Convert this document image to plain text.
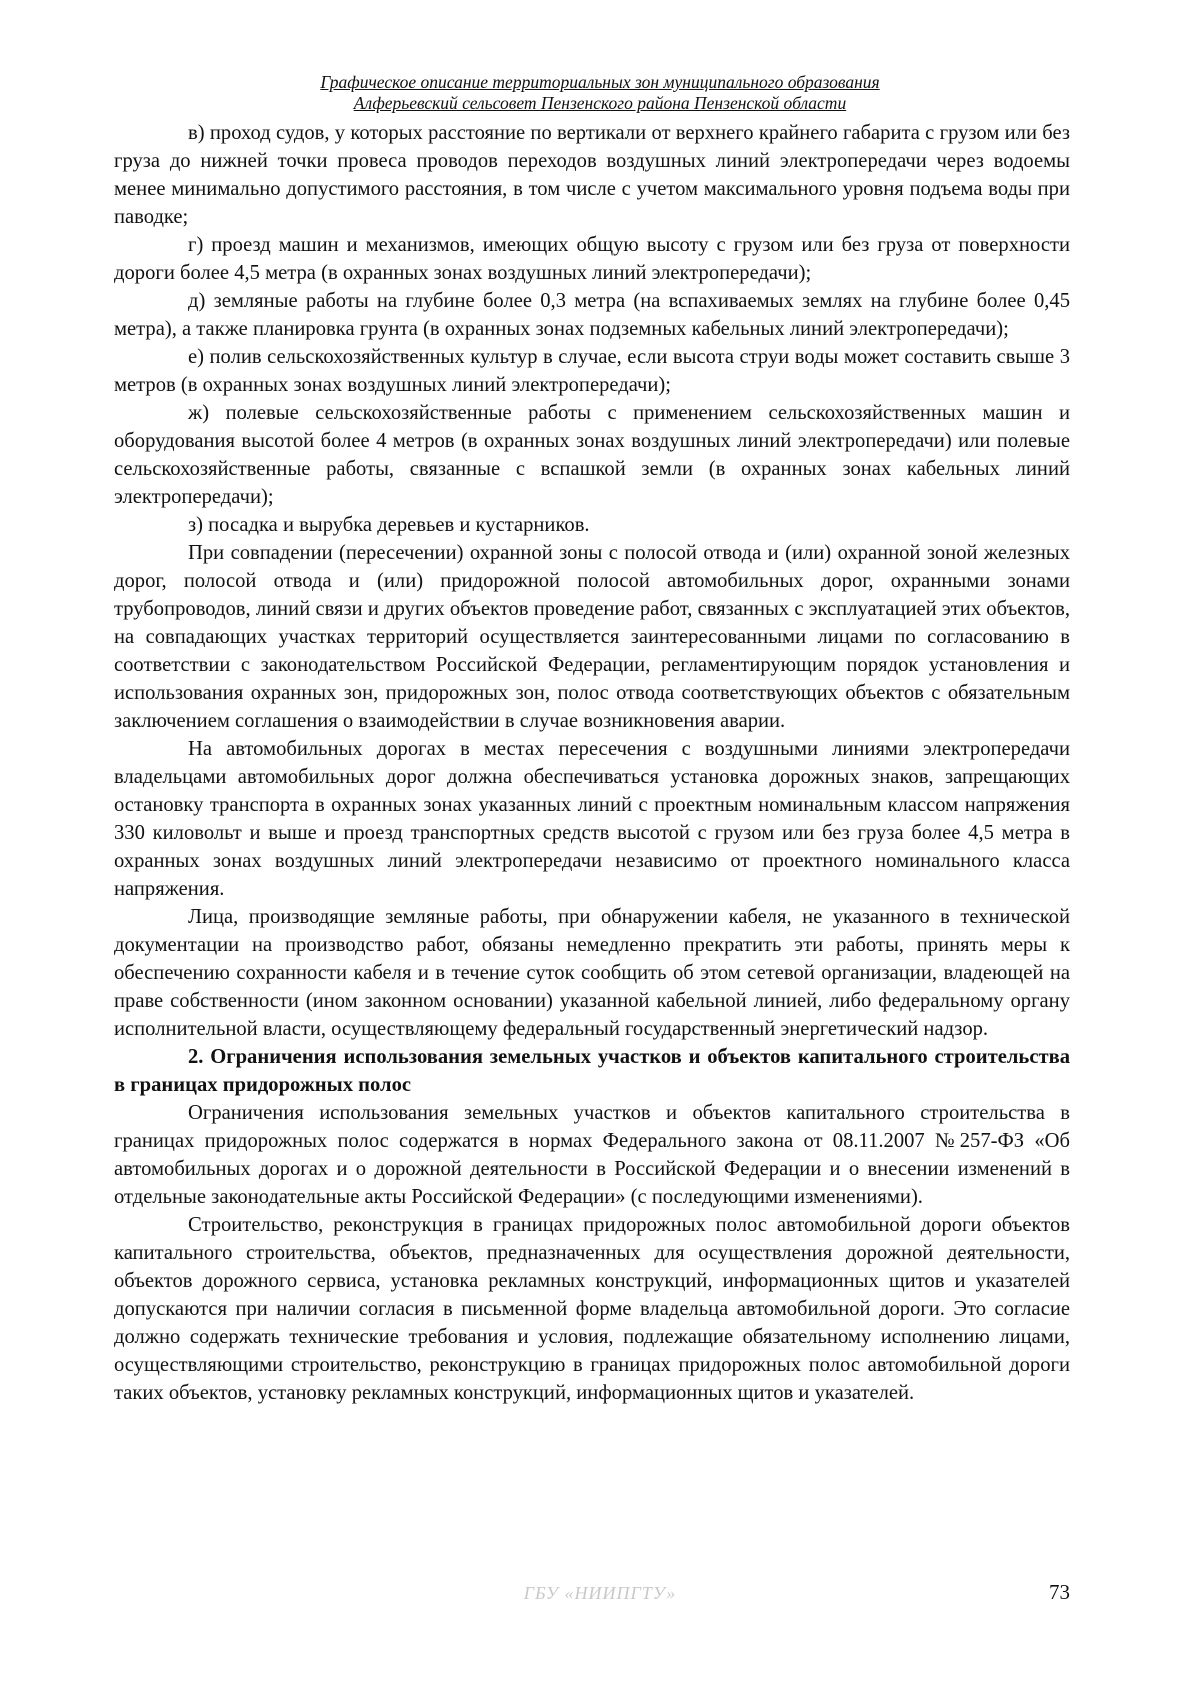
Графическое описание территориальных зон муниципального образования
Алферьевский сельсовет Пензенского района Пензенской области

в) проход судов, у которых расстояние по вертикали от верхнего крайнего габарита с грузом или без груза до нижней точки провеса проводов переходов воздушных линий электропередачи через водоемы менее минимально допустимого расстояния, в том числе с учетом максимального уровня подъема воды при паводке;

г) проезд машин и механизмов, имеющих общую высоту с грузом или без груза от поверхности дороги более 4,5 метра (в охранных зонах воздушных линий электропередачи);

д) земляные работы на глубине более 0,3 метра (на вспахиваемых землях на глубине более 0,45 метра), а также планировка грунта (в охранных зонах подземных кабельных линий электропередачи);

е) полив сельскохозяйственных культур в случае, если высота струи воды может составить свыше 3 метров (в охранных зонах воздушных линий электропередачи);

ж) полевые сельскохозяйственные работы с применением сельскохозяйственных машин и оборудования высотой более 4 метров (в охранных зонах воздушных линий электропередачи) или полевые сельскохозяйственные работы, связанные с вспашкой земли (в охранных зонах кабельных линий электропередачи);

з) посадка и вырубка деревьев и кустарников.

При совпадении (пересечении) охранной зоны с полосой отвода и (или) охранной зоной железных дорог, полосой отвода и (или) придорожной полосой автомобильных дорог, охранными зонами трубопроводов, линий связи и других объектов проведение работ, связанных с эксплуатацией этих объектов, на совпадающих участках территорий осуществляется заинтересованными лицами по согласованию в соответствии с законодательством Российской Федерации, регламентирующим порядок установления и использования охранных зон, придорожных зон, полос отвода соответствующих объектов с обязательным заключением соглашения о взаимодействии в случае возникновения аварии.

На автомобильных дорогах в местах пересечения с воздушными линиями электропередачи владельцами автомобильных дорог должна обеспечиваться установка дорожных знаков, запрещающих остановку транспорта в охранных зонах указанных линий с проектным номинальным классом напряжения 330 киловольт и выше и проезд транспортных средств высотой с грузом или без груза более 4,5 метра в охранных зонах воздушных линий электропередачи независимо от проектного номинального класса напряжения.

Лица, производящие земляные работы, при обнаружении кабеля, не указанного в технической документации на производство работ, обязаны немедленно прекратить эти работы, принять меры к обеспечению сохранности кабеля и в течение суток сообщить об этом сетевой организации, владеющей на праве собственности (ином законном основании) указанной кабельной линией, либо федеральному органу исполнительной власти, осуществляющему федеральный государственный энергетический надзор.

2. Ограничения использования земельных участков и объектов капитального строительства в границах придорожных полос

Ограничения использования земельных участков и объектов капитального строительства в границах придорожных полос содержатся в нормах Федерального закона от 08.11.2007 №257-ФЗ «Об автомобильных дорогах и о дорожной деятельности в Российской Федерации и о внесении изменений в отдельные законодательные акты Российской Федерации» (с последующими изменениями).

Строительство, реконструкция в границах придорожных полос автомобильной дороги объектов капитального строительства, объектов, предназначенных для осуществления дорожной деятельности, объектов дорожного сервиса, установка рекламных конструкций, информационных щитов и указателей допускаются при наличии согласия в письменной форме владельца автомобильной дороги. Это согласие должно содержать технические требования и условия, подлежащие обязательному исполнению лицами, осуществляющими строительство, реконструкцию в границах придорожных полос автомобильной дороги таких объектов, установку рекламных конструкций, информационных щитов и указателей.

ГБУ «НИИПГТУ»	73
